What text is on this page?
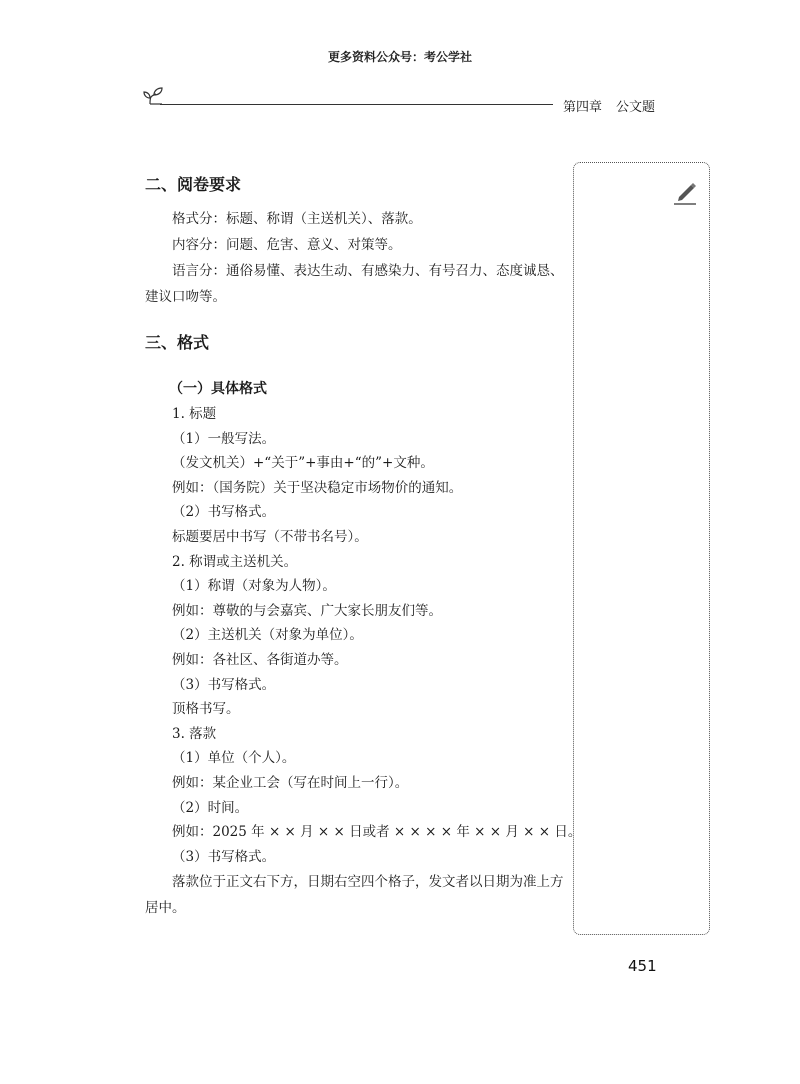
更多资料公众号：考公学社
第四章 公文题
二、阅卷要求

格式分：标题、称谓（主送机关）、落款。

内容分：问题、危害、意义、对策等。

语言分：通俗易懂、表达生动、有感染力、有号召力、态度诚恳、建议口吻等。

三、格式
（一）具体格式
1. 标题
（1）一般写法。
（发文机关）+“关于”+事由+“的”+文种。
例如：（国务院）关于坚决稳定市场物价的通知。
（2）书写格式。
标题要居中书写（不带书名号）。
2. 称谓或主送机关。
（1）称谓（对象为人物）。
例如：尊敬的与会嘉宾、广大家长朋友们等。
（2）主送机关（对象为单位）。
例如：各社区、各街道办等。
（3）书写格式。
顶格书写。
3. 落款
（1）单位（个人）。
例如：某企业工会（写在时间上一行）。
（2）时间。
例如：2025 年 × × 月 × × 日或者 × × × × 年 × × 月 × × 日。
（3）书写格式。

落款位于正文右下方，日期右空四个格子，发文者以日期为准上方居中。

451
